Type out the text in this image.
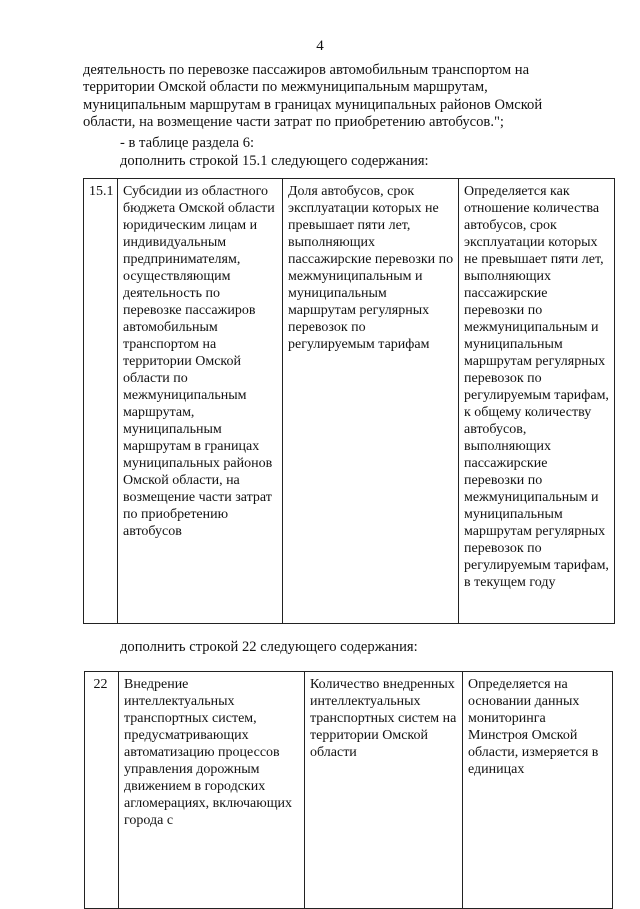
4

деятельность по перевозке пассажиров автомобильным транспортом на

территории Омской области по межмуниципальным маршрутам,

муниципальным маршрутам в границах муниципальных районов Омской

области, на возмещение части затрат по приобретению автобусов.";

- в таблице раздела 6:
дополнить строкой 15.1 следующего содержания:
15.1	Субсидии из областного бюджета Омской области юридическим лицам и индивидуальным предпринимателям, осуществляющим деятельность по перевозке пассажиров автомобильным транспортом на территории Омской области по межмуниципальным маршрутам, муниципальным маршрутам в границах муниципальных районов Омской области, на возмещение части затрат по приобретению автобусов	Доля автобусов, срок эксплуатации которых не превышает пяти лет, выполняющих пассажирские перевозки по межмуниципальным и муниципальным маршрутам регулярных перевозок по регулируемым тарифам	Определяется как отношение количества автобусов, срок эксплуатации которых не превышает пяти лет, выполняющих пассажирские перевозки по межмуниципальным и муниципальным маршрутам регулярных перевозок по регулируемым тарифам, к общему количеству автобусов, выполняющих пассажирские перевозки по межмуниципальным и муниципальным маршрутам регулярных перевозок по регулируемым тарифам, в текущем году
дополнить строкой 22 следующего содержания:
22	Внедрение интеллектуальных транспортных систем, предусматривающих автоматизацию процессов управления дорожным движением в городских агломерациях, включающих города с	Количество внедренных интеллектуальных транспортных систем на территории Омской области	Определяется на основании данных мониторинга Минстроя Омской области, измеряется в единицах
